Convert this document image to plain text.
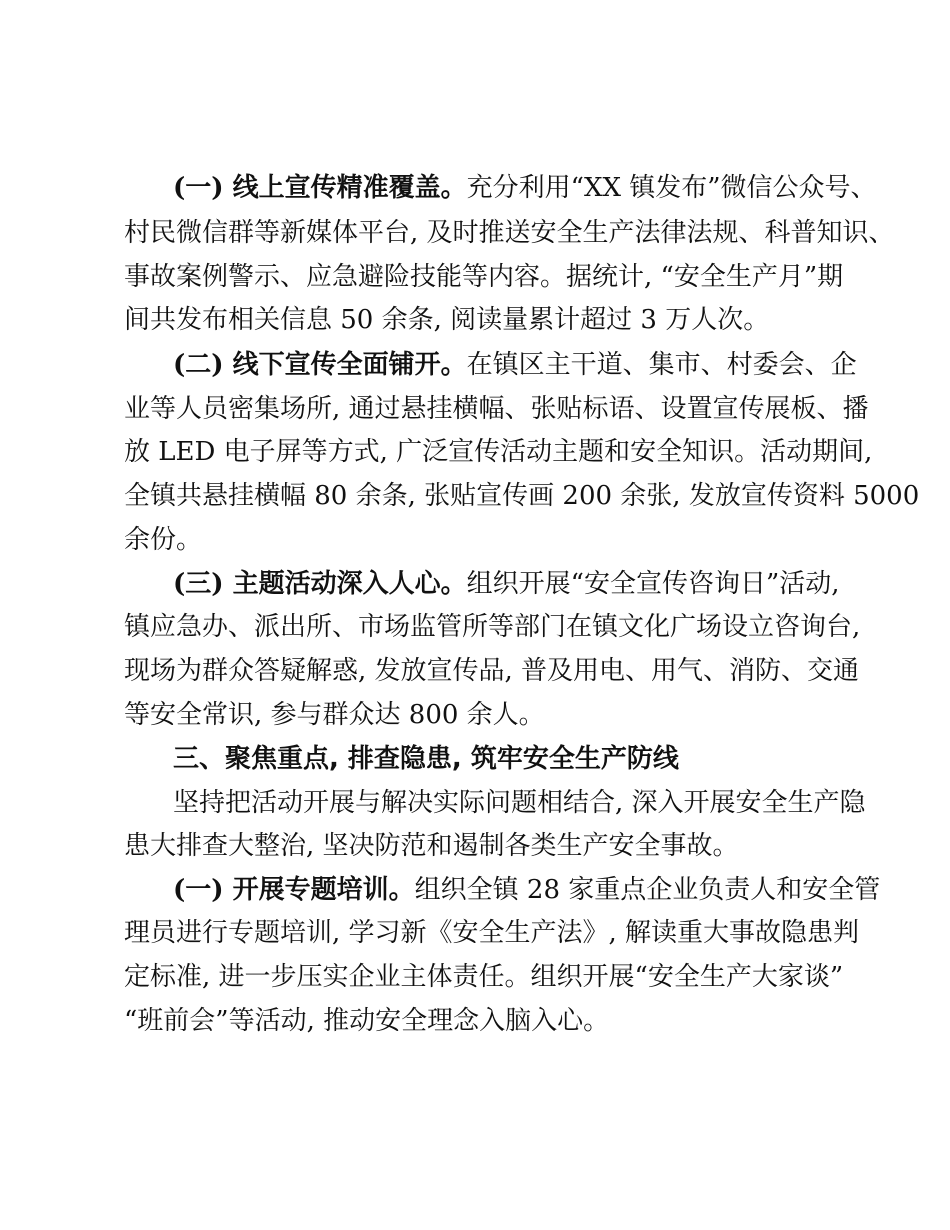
(一) 线上宣传精准覆盖。充分利用“XX 镇发布”微信公众号、
村民微信群等新媒体平台, 及时推送安全生产法律法规、科普知识、
事故案例警示、应急避险技能等内容。据统计, “安全生产月”期
间共发布相关信息 50 余条, 阅读量累计超过 3 万人次。
(二) 线下宣传全面铺开。在镇区主干道、集市、村委会、企
业等人员密集场所, 通过悬挂横幅、张贴标语、设置宣传展板、播
放 LED 电子屏等方式, 广泛宣传活动主题和安全知识。活动期间,
全镇共悬挂横幅 80 余条, 张贴宣传画 200 余张, 发放宣传资料 5000
余份。
(三) 主题活动深入人心。组织开展“安全宣传咨询日”活动,
镇应急办、派出所、市场监管所等部门在镇文化广场设立咨询台,
现场为群众答疑解惑, 发放宣传品, 普及用电、用气、消防、交通
等安全常识, 参与群众达 800 余人。
三、聚焦重点, 排查隐患, 筑牢安全生产防线
坚持把活动开展与解决实际问题相结合, 深入开展安全生产隐
患大排查大整治, 坚决防范和遏制各类生产安全事故。
(一) 开展专题培训。组织全镇 28 家重点企业负责人和安全管
理员进行专题培训, 学习新《安全生产法》, 解读重大事故隐患判
定标准, 进一步压实企业主体责任。组织开展“安全生产大家谈”
“班前会”等活动, 推动安全理念入脑入心。
